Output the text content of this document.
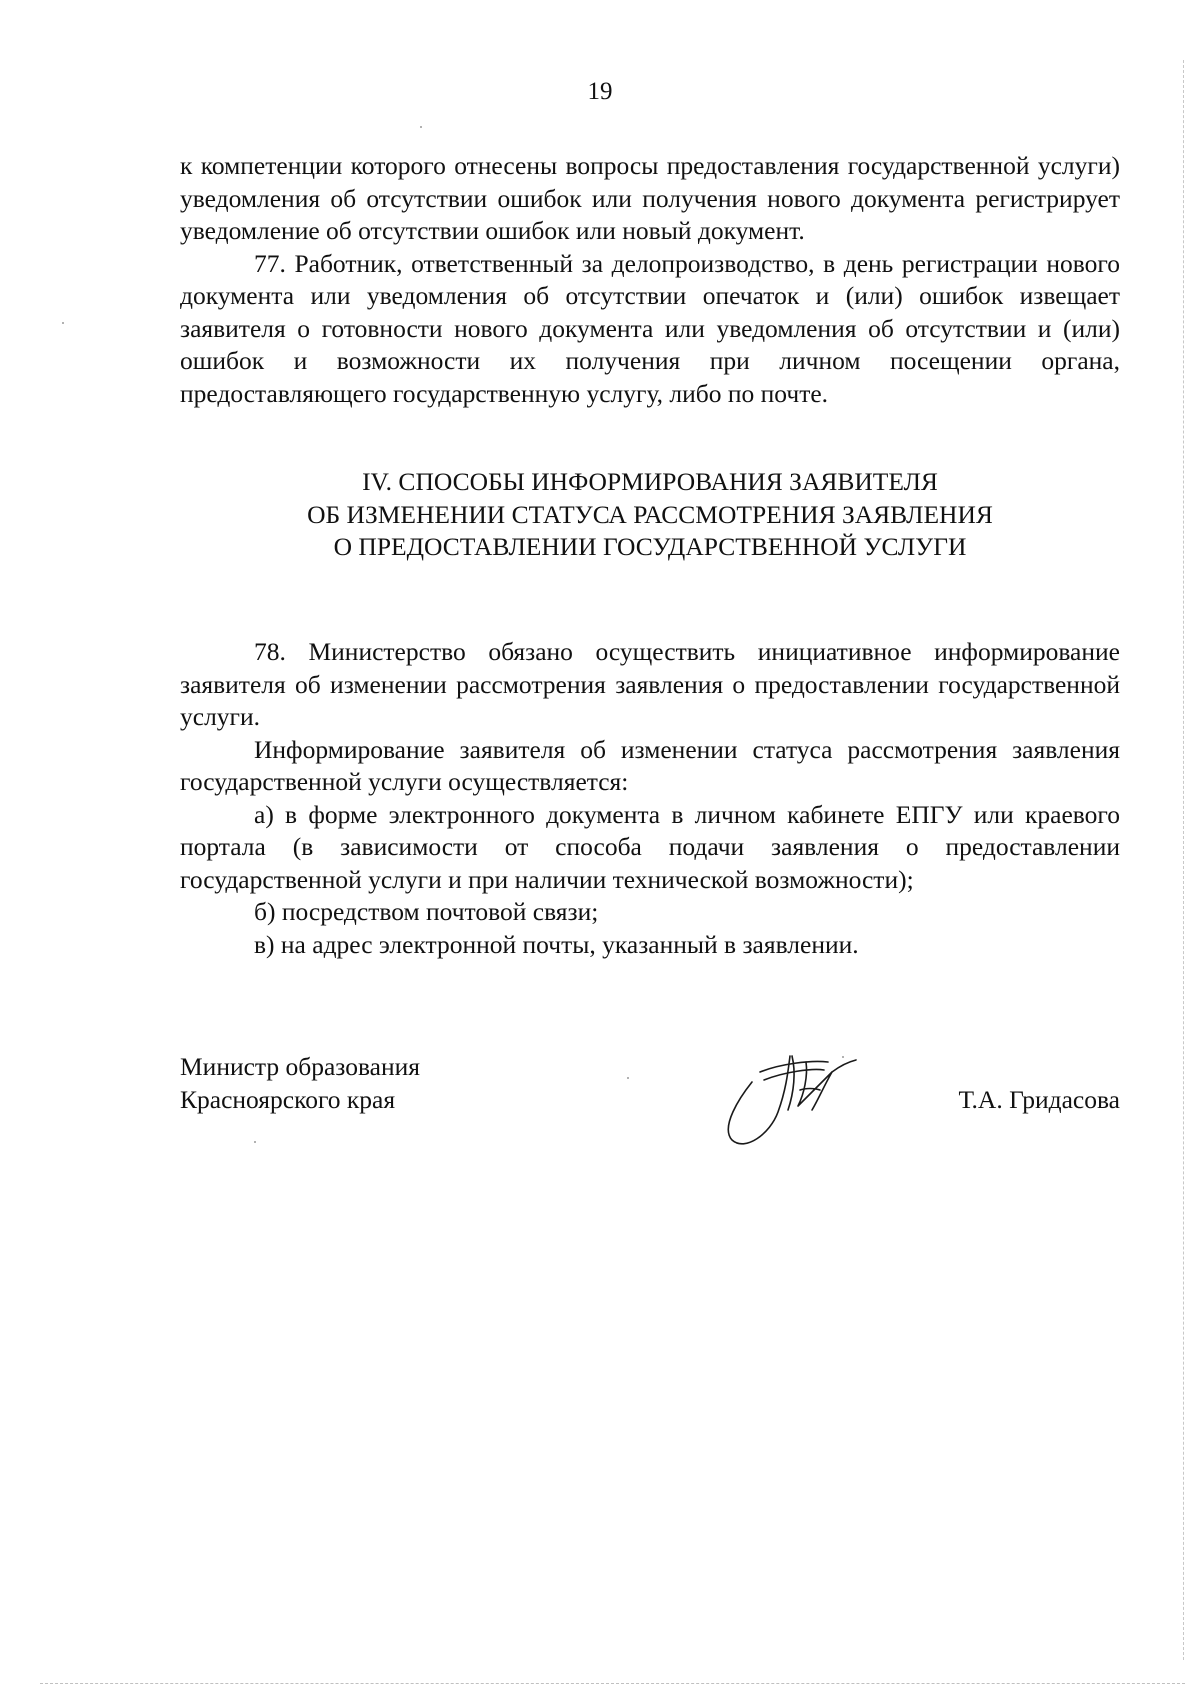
19

к компетенции которого отнесены вопросы предоставления государственной услуги) уведомления об отсутствии ошибок или получения нового документа регистрирует уведомление об отсутствии ошибок или новый документ.

77. Работник, ответственный за делопроизводство, в день регистрации нового документа или уведомления об отсутствии опечаток и (или) ошибок извещает заявителя о готовности нового документа или уведомления об отсутствии и (или) ошибок и возможности их получения при личном посещении органа, предоставляющего государственную услугу, либо по почте.

IV. СПОСОБЫ ИНФОРМИРОВАНИЯ ЗАЯВИТЕЛЯ
ОБ ИЗМЕНЕНИИ СТАТУСА РАССМОТРЕНИЯ ЗАЯВЛЕНИЯ
О ПРЕДОСТАВЛЕНИИ ГОСУДАРСТВЕННОЙ УСЛУГИ

78. Министерство обязано осуществить инициативное информирование заявителя об изменении рассмотрения заявления о предоставлении государственной услуги.

Информирование заявителя об изменении статуса рассмотрения заявления государственной услуги осуществляется:

а) в форме электронного документа в личном кабинете ЕПГУ или краевого портала (в зависимости от способа подачи заявления о предоставлении государственной услуги и при наличии технической возможности);

б) посредством почтовой связи;

в) на адрес электронной почты, указанный в заявлении.

Министр образования
Красноярского края	Т.А. Гридасова
